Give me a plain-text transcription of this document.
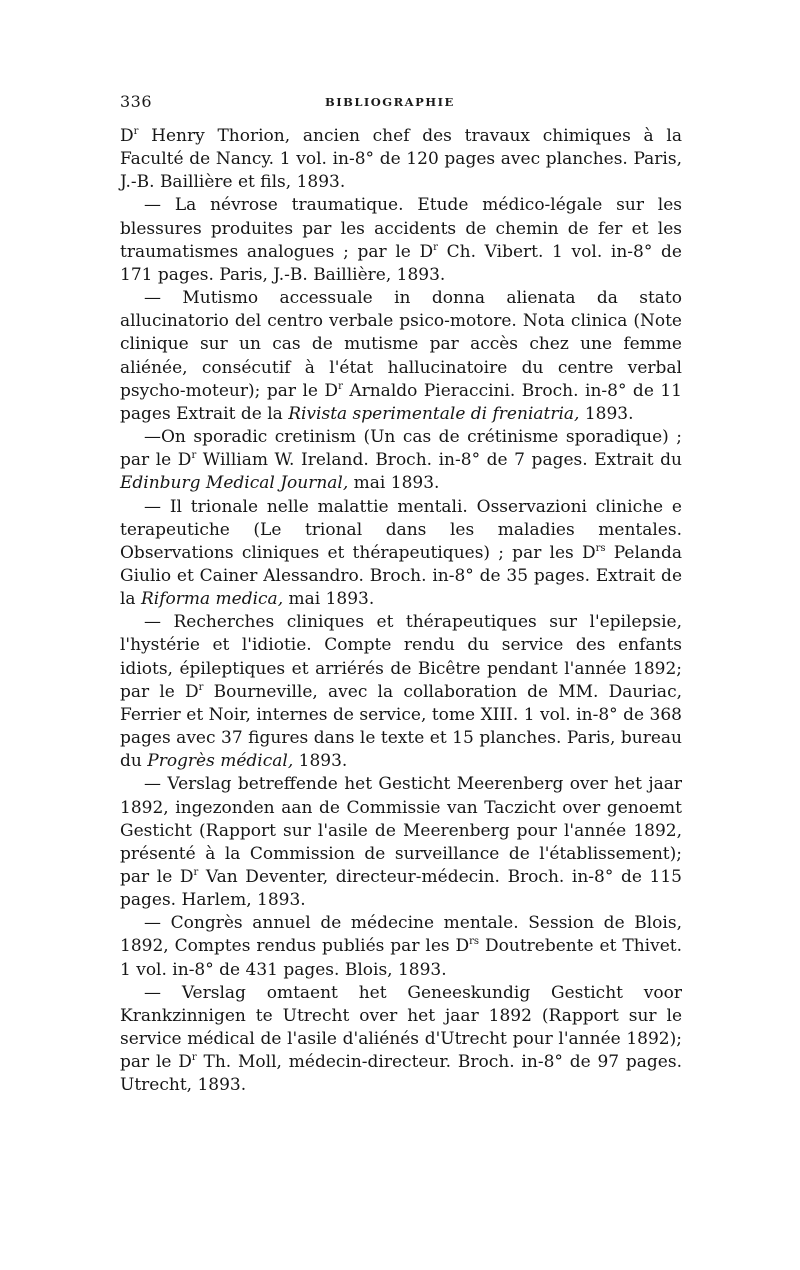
336	BIBLIOGRAPHIE

$D^r$ Henry Thorion, ancien chef des travaux chimiques à la Faculté de Nancy. 1 vol. in-8° de 120 pages avec planches. Paris, J.-B. Baillière et fils, 1893.

— La névrose traumatique. Etude médico-légale sur les blessures produites par les accidents de chemin de fer et les traumatismes analogues ; par le $D^r$ Ch. Vibert. 1 vol. in-8° de 171 pages. Paris, J.-B. Baillière, 1893.

— Mutismo accessuale in donna alienata da stato allucinatorio del centro verbale psico-motore. Nota clinica (Note clinique sur un cas de mutisme par accès chez une femme aliénée, consécutif à l'état hallucinatoire du centre verbal psycho-moteur); par le $D^r$ Arnaldo Pieraccini. Broch. in-8° de 11 pages Extrait de la Rivista sperimentale di freniatria, 1893.

—On sporadic cretinism (Un cas de crétinisme sporadique) ; par le $D^r$ William W. Ireland. Broch. in-8° de 7 pages. Extrait du Edinburg Medical Journal, mai 1893.

— Il trionale nelle malattie mentali. Osservazioni cliniche e terapeutiche (Le trional dans les maladies mentales. Observations cliniques et thérapeutiques) ; par les $D^{rs}$ Pelanda Giulio et Cainer Alessandro. Broch. in-8° de 35 pages. Extrait de la Riforma medica, mai 1893.

— Recherches cliniques et thérapeutiques sur l'epilepsie, l'hystérie et l'idiotie. Compte rendu du service des enfants idiots, épileptiques et arriérés de Bicêtre pendant l'année 1892; par le $D^r$ Bourneville, avec la collaboration de MM. Dauriac, Ferrier et Noir, internes de service, tome XIII. 1 vol. in-8° de 368 pages avec 37 figures dans le texte et 15 planches. Paris, bureau du Progrès médical, 1893.

— Verslag betreffende het Gesticht Meerenberg over het jaar 1892, ingezonden aan de Commissie van Taczicht over genoemt Gesticht (Rapport sur l'asile de Meerenberg pour l'année 1892, présenté à la Commission de surveillance de l'établissement); par le $D^r$ Van Deventer, directeur-médecin. Broch. in-8° de 115 pages. Harlem, 1893.

— Congrès annuel de médecine mentale. Session de Blois, 1892, Comptes rendus publiés par les $D^{rs}$ Doutrebente et Thivet. 1 vol. in-8° de 431 pages. Blois, 1893.

— Verslag omtaent het Geneeskundig Gesticht voor Krankzinnigen te Utrecht over het jaar 1892 (Rapport sur le service médical de l'asile d'aliénés d'Utrecht pour l'année 1892); par le $D^r$ Th. Moll, médecin-directeur. Broch. in-8° de 97 pages. Utrecht, 1893.
